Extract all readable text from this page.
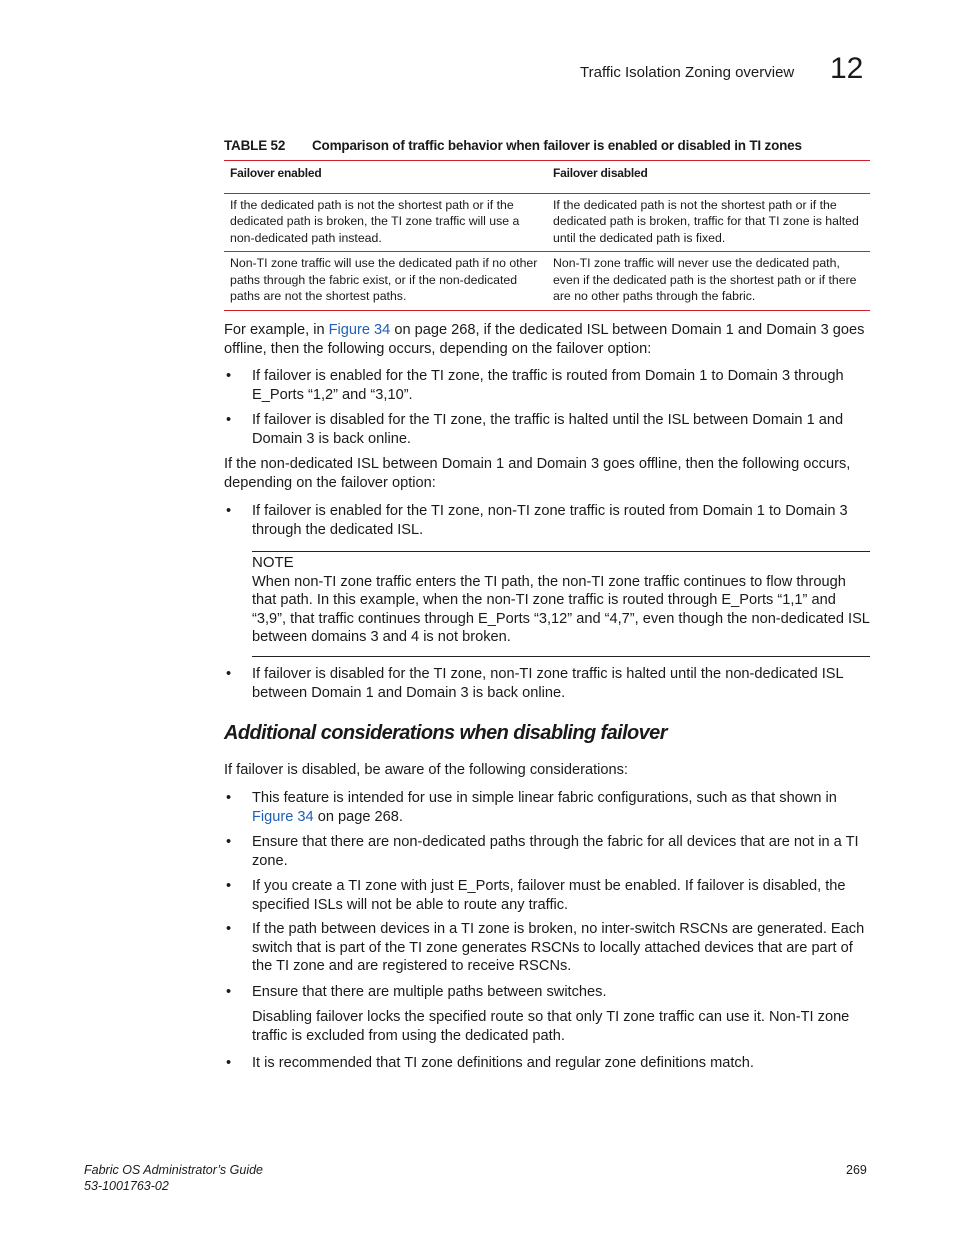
Traffic Isolation Zoning overview 12
TABLE 52 Comparison of traffic behavior when failover is enabled or disabled in TI zones
Failover enabled	Failover disabled
If the dedicated path is not the shortest path or if the dedicated path is broken, the TI zone traffic will use a non-dedicated path instead.	If the dedicated path is not the shortest path or if the dedicated path is broken, traffic for that TI zone is halted until the dedicated path is fixed.
Non-TI zone traffic will use the dedicated path if no other paths through the fabric exist, or if the non-dedicated paths are not the shortest paths.	Non-TI zone traffic will never use the dedicated path, even if the dedicated path is the shortest path or if there are no other paths through the fabric.
For example, in Figure 34 on page 268, if the dedicated ISL between Domain 1 and Domain 3 goes offline, then the following occurs, depending on the failover option:
• If failover is enabled for the TI zone, the traffic is routed from Domain 1 to Domain 3 through E_Ports “1,2” and “3,10”.
• If failover is disabled for the TI zone, the traffic is halted until the ISL between Domain 1 and Domain 3 is back online.
If the non-dedicated ISL between Domain 1 and Domain 3 goes offline, then the following occurs, depending on the failover option:
• If failover is enabled for the TI zone, non-TI zone traffic is routed from Domain 1 to Domain 3 through the dedicated ISL.
NOTE
When non-TI zone traffic enters the TI path, the non-TI zone traffic continues to flow through that path. In this example, when the non-TI zone traffic is routed through E_Ports “1,1” and “3,9”, that traffic continues through E_Ports “3,12” and “4,7”, even though the non-dedicated ISL between domains 3 and 4 is not broken.
• If failover is disabled for the TI zone, non-TI zone traffic is halted until the non-dedicated ISL between Domain 1 and Domain 3 is back online.
Additional considerations when disabling failover
If failover is disabled, be aware of the following considerations:
• This feature is intended for use in simple linear fabric configurations, such as that shown in Figure 34 on page 268.
• Ensure that there are non-dedicated paths through the fabric for all devices that are not in a TI zone.
• If you create a TI zone with just E_Ports, failover must be enabled. If failover is disabled, the specified ISLs will not be able to route any traffic.
• If the path between devices in a TI zone is broken, no inter-switch RSCNs are generated. Each switch that is part of the TI zone generates RSCNs to locally attached devices that are part of the TI zone and are registered to receive RSCNs.
• Ensure that there are multiple paths between switches.
Disabling failover locks the specified route so that only TI zone traffic can use it. Non-TI zone traffic is excluded from using the dedicated path.
• It is recommended that TI zone definitions and regular zone definitions match.
Fabric OS Administrator’s Guide
53-1001763-02
269
